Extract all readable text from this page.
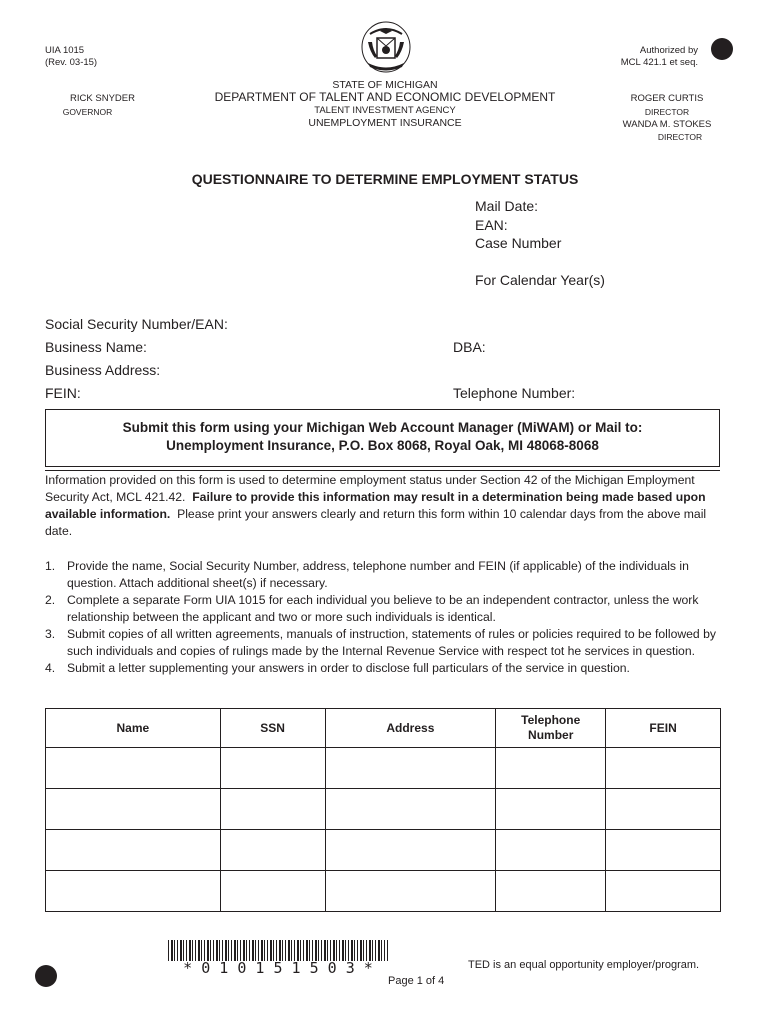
UIA 1015
(Rev. 03-15)
Authorized by
MCL 421.1 et seq.
STATE OF MICHIGAN
DEPARTMENT OF TALENT AND ECONOMIC DEVELOPMENT
TALENT INVESTMENT AGENCY
UNEMPLOYMENT INSURANCE
RICK SNYDER
GOVERNOR
ROGER CURTIS
DIRECTOR
WANDA M. STOKES
DIRECTOR
QUESTIONNAIRE TO DETERMINE EMPLOYMENT STATUS
Mail Date:
EAN:
Case Number
For Calendar Year(s)
Social Security Number/EAN:
Business Name:	DBA:
Business Address:
FEIN:	Telephone Number:
Submit this form using your Michigan Web Account Manager (MiWAM) or Mail to:
Unemployment Insurance, P.O. Box 8068, Royal Oak, MI 48068-8068
Information provided on this form is used to determine employment status under Section 42 of the Michigan Employment Security Act, MCL 421.42. Failure to provide this information may result in a determination being made based upon available information. Please print your answers clearly and return this form within 10 calendar days from the above mail date.
1. Provide the name, Social Security Number, address, telephone number and FEIN (if applicable) of the individuals in question. Attach additional sheet(s) if necessary.
2. Complete a separate Form UIA 1015 for each individual you believe to be an independent contractor, unless the work relationship between the applicant and two or more such individuals is identical.
3. Submit copies of all written agreements, manuals of instruction, statements of rules or policies required to be followed by such individuals and copies of rulings made by the Internal Revenue Service with respect tot he services in question.
4. Submit a letter supplementing your answers in order to disclose full particulars of the service in question.
Name	SSN	Address	Telephone Number	FEIN

* 0 1 0 1 5 1 5 0 3 *	TED is an equal opportunity employer/program.
Page 1 of 4
